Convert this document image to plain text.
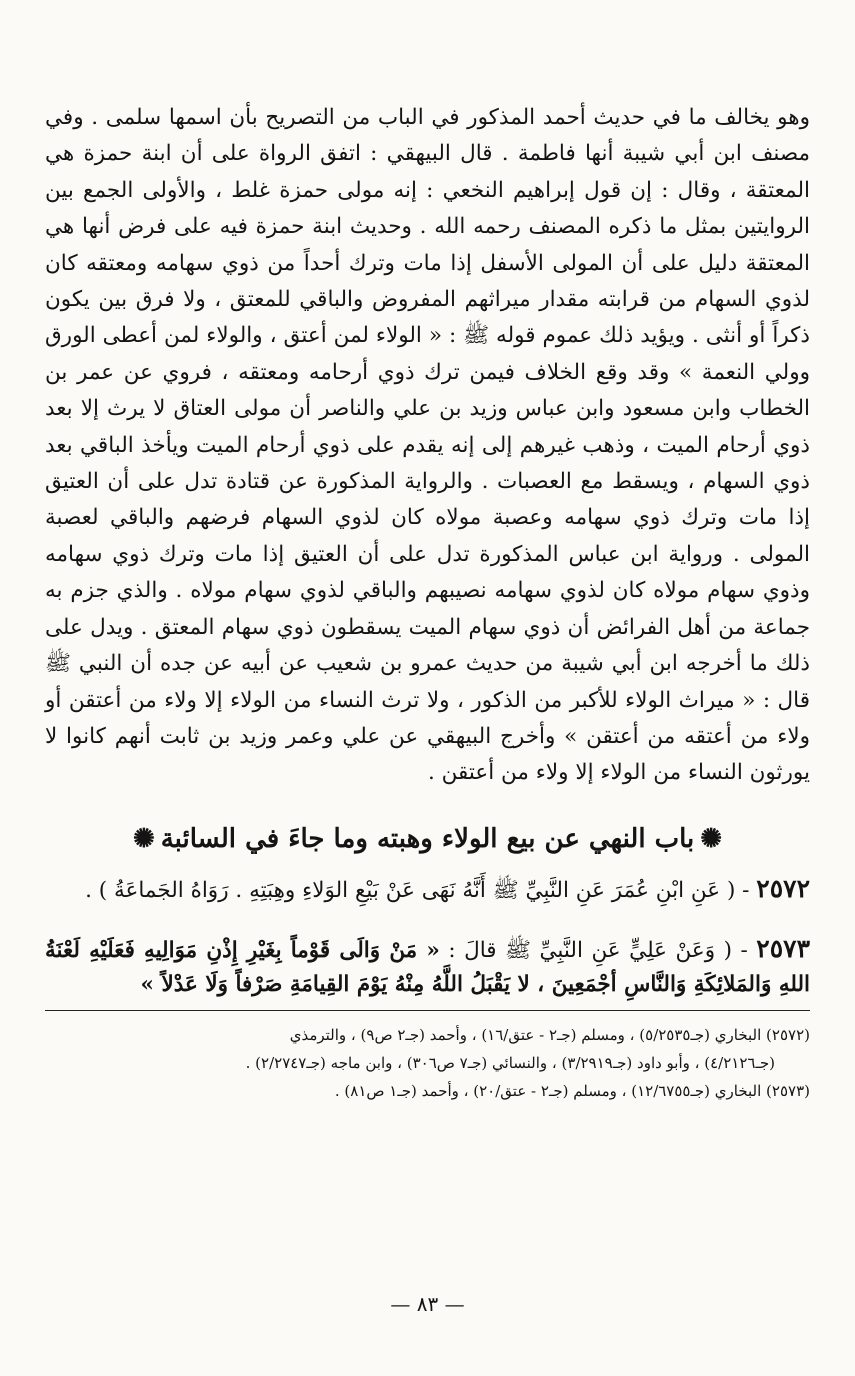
وهو يخالف ما في حديث أحمد المذكور في الباب من التصريح بأن اسمها سلمى . وفي مصنف ابن أبي شيبة أنها فاطمة . قال البيهقي : اتفق الرواة على أن ابنة حمزة هي المعتقة ، وقال : إن قول إبراهيم النخعي : إنه مولى حمزة غلط ، والأولى الجمع بين الروايتين بمثل ما ذكره المصنف رحمه الله . وحديث ابنة حمزة فيه على فرض أنها هي المعتقة دليل على أن المولى الأسفل إذا مات وترك أحداً من ذوي سهامه ومعتقه كان لذوي السهام من قرابته مقدار ميراثهم المفروض والباقي للمعتق ، ولا فرق بين يكون ذكراً أو أنثى . ويؤيد ذلك عموم قوله ﷺ : « الولاء لمن أعتق ، والولاء لمن أعطى الورق وولي النعمة » وقد وقع الخلاف فيمن ترك ذوي أرحامه ومعتقه ، فروي عن عمر بن الخطاب وابن مسعود وابن عباس وزيد بن علي والناصر أن مولى العتاق لا يرث إلا بعد ذوي أرحام الميت ، وذهب غيرهم إلى إنه يقدم على ذوي أرحام الميت ويأخذ الباقي بعد ذوي السهام ، ويسقط مع العصبات . والرواية المذكورة عن قتادة تدل على أن العتيق إذا مات وترك ذوي سهامه وعصبة مولاه كان لذوي السهام فرضهم والباقي لعصبة المولى . ورواية ابن عباس المذكورة تدل على أن العتيق إذا مات وترك ذوي سهامه وذوي سهام مولاه كان لذوي سهامه نصيبهم والباقي لذوي سهام مولاه . والذي جزم به جماعة من أهل الفرائض أن ذوي سهام الميت يسقطون ذوي سهام المعتق . ويدل على ذلك ما أخرجه ابن أبي شيبة من حديث عمرو بن شعيب عن أبيه عن جده أن النبي ﷺ قال : « ميراث الولاء للأكبر من الذكور ، ولا ترث النساء من الولاء إلا ولاء من أعتقن أو ولاء من أعتقه من أعتقن » وأخرج البيهقي عن علي وعمر وزيد بن ثابت أنهم كانوا لا يورثون النساء من الولاء إلا ولاء من أعتقن .

✺باب النهي عن بيع الولاء وهبته وما جاءَ في السائبة✺
٢٥٧٢ - ( عَنِ ابْنِ عُمَرَ عَنِ النَّبِيِّ ﷺ أَنَّهُ نَهَى عَنْ بَيْعِ الوَلاءِ وهِبَتِهِ . رَوَاهُ الجَماعَةُ ) .
٢٥٧٣ - ( وَعَنْ عَلِيٍّ عَنِ النَّبِيِّ ﷺ قالَ : « مَنْ وَالَى قَوْماً بِغَيْرِ إِذْنِ مَوَالِيهِ فَعَلَيْهِ لَعْنَةُ اللهِ وَالمَلائِكَةِ وَالنَّاسِ أجْمَعِينَ ، لا يَقْبَلُ اللَّهُ مِنْهُ يَوْمَ القِيامَةِ صَرْفاً وَلَا عَدْلاً »

(٢٥٧٢) البخاري (جـ٥/٢٥٣٥) ، ومسلم (جـ٢ - عتق/١٦) ، وأحمد (جـ٢ ص٩) ، والترمذي

(جـ٤/٢١٢٦) ، وأبو داود (جـ٣/٢٩١٩) ، والنسائي (جـ٧ ص٣٠٦) ، وابن ماجه (جـ٢/٢٧٤٧) .

(٢٥٧٣) البخاري (جـ١٢/٦٧٥٥) ، ومسلم (جـ٢ - عتق/٢٠) ، وأحمد (جـ١ ص٨١) .

— ٨٣ —
